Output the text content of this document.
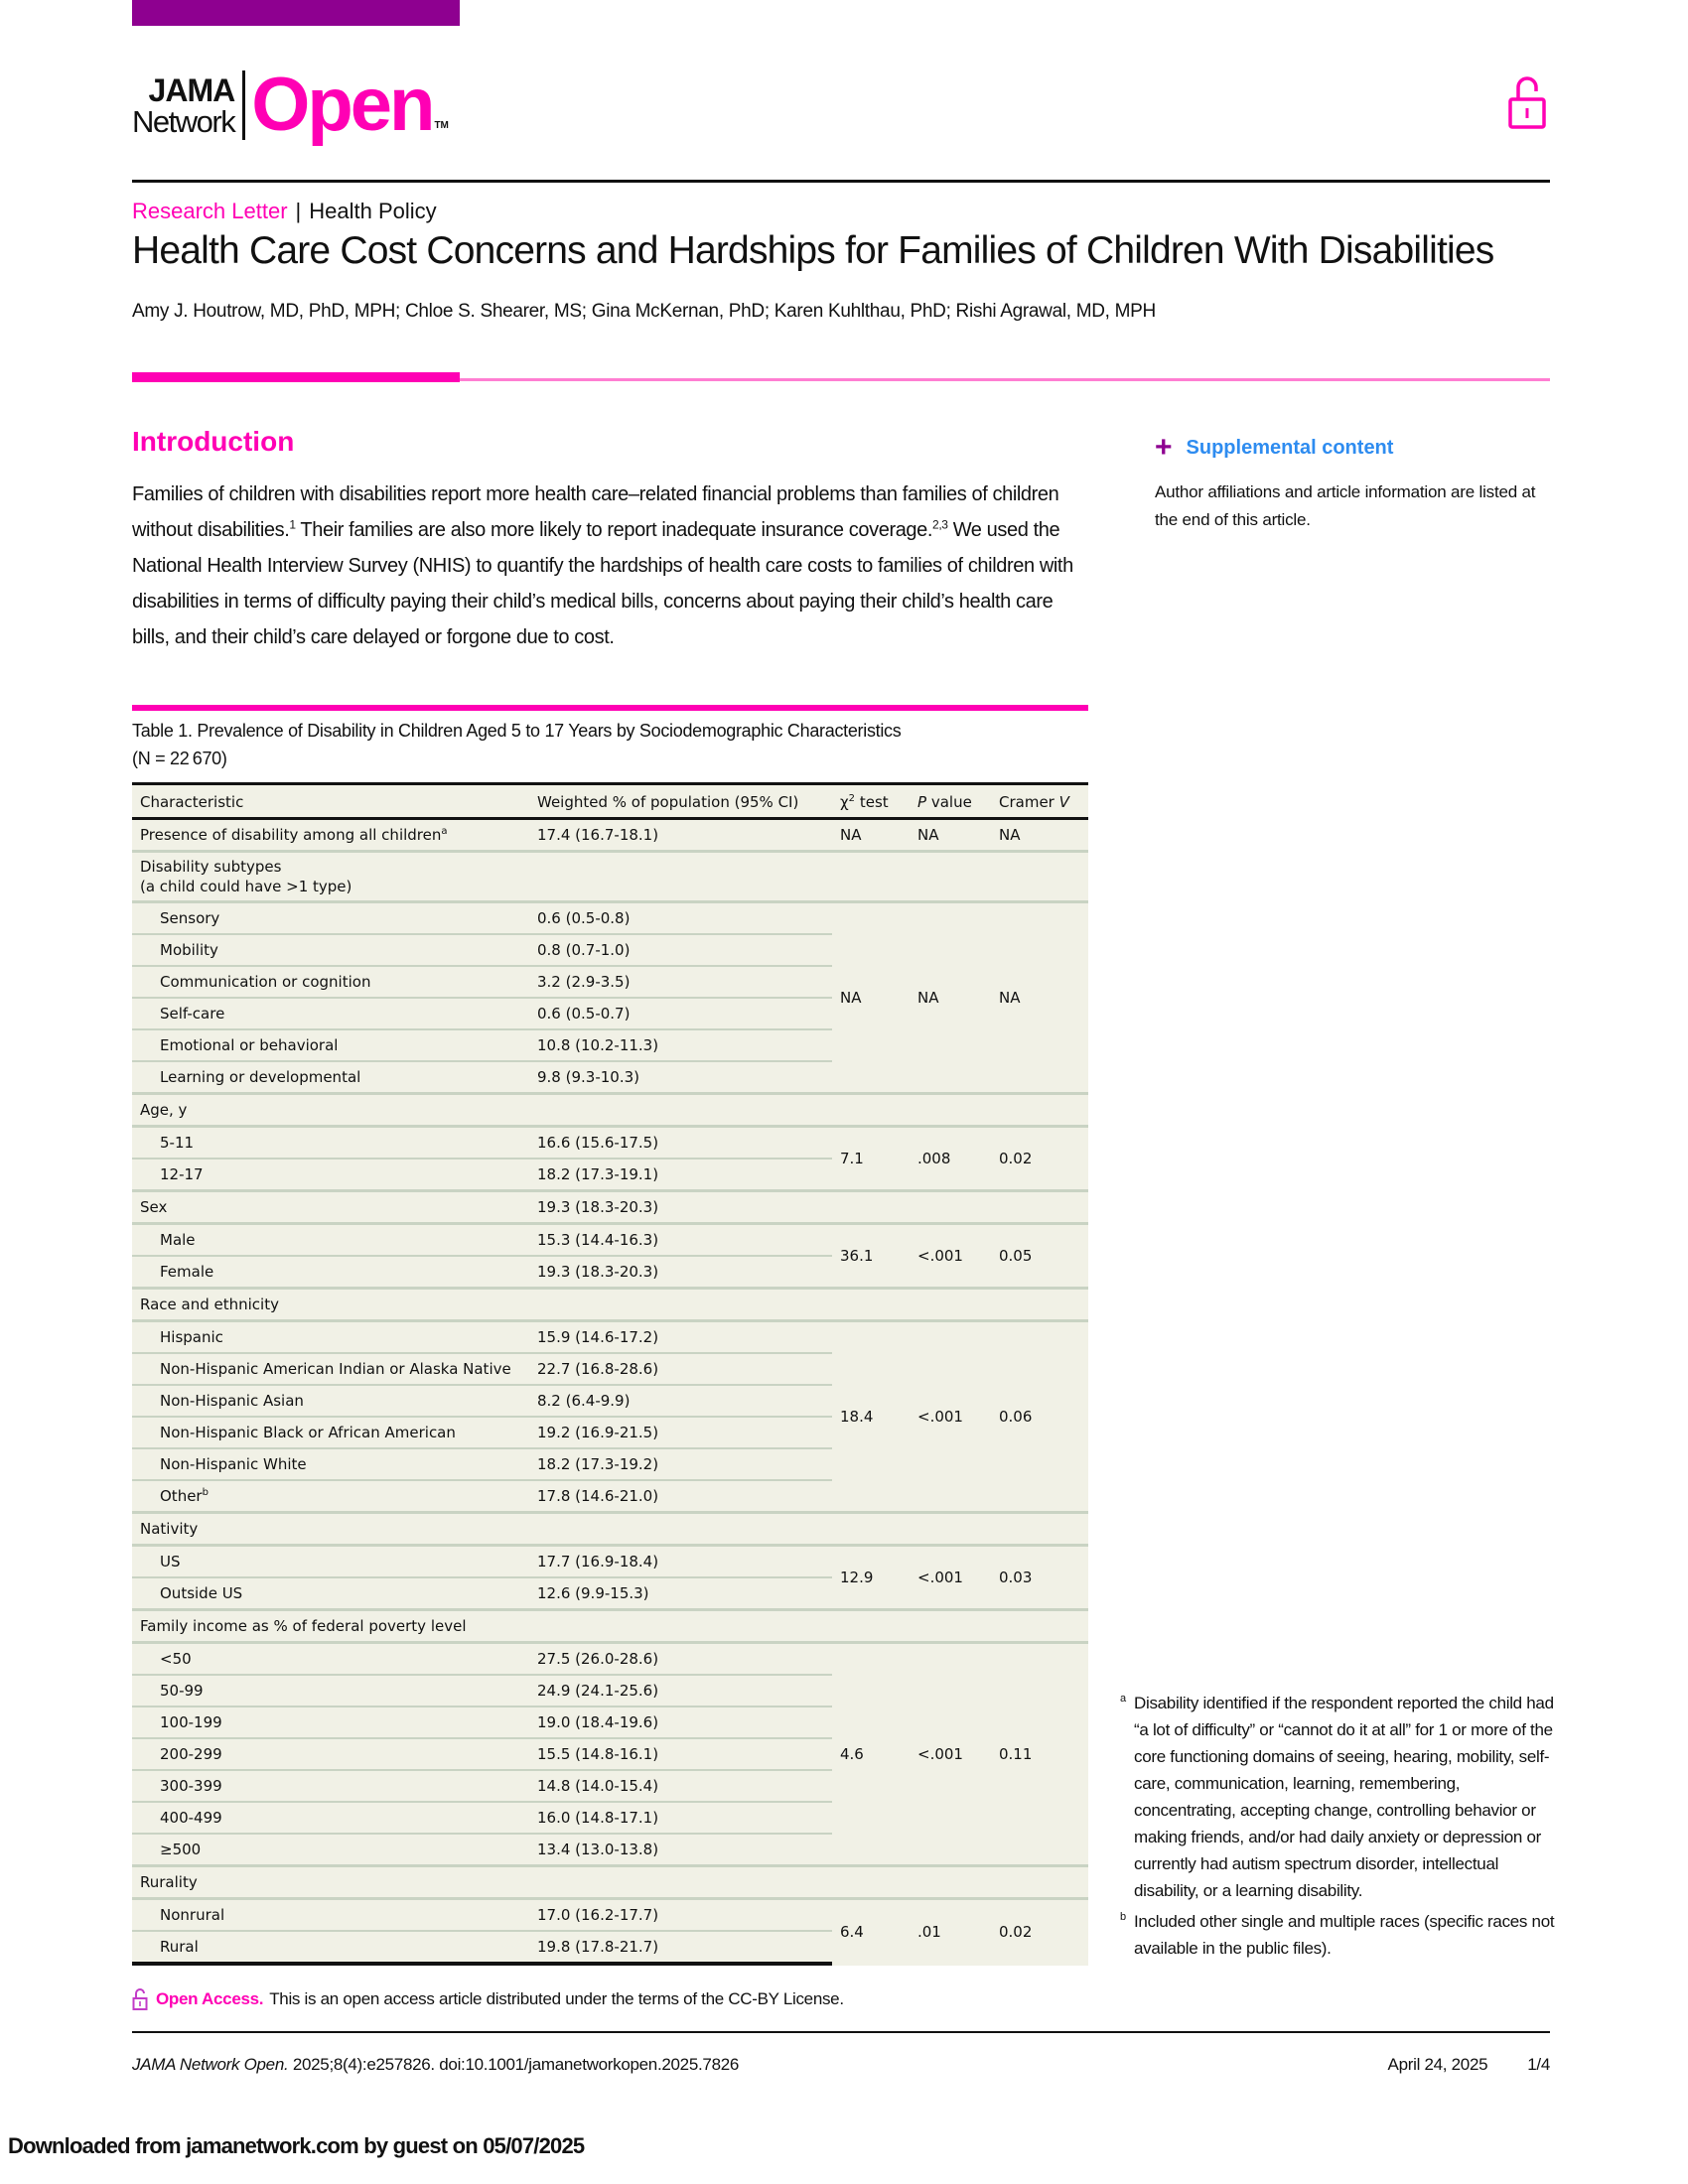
JAMA
Network Open TM
Research Letter | Health Policy
Health Care Cost Concerns and Hardships for Families of Children With Disabilities
Amy J. Houtrow, MD, PhD, MPH; Chloe S. Shearer, MS; Gina McKernan, PhD; Karen Kuhlthau, PhD; Rishi Agrawal, MD, MPH
Introduction	+ Supplemental content
Author affiliations and article information are listed at the end of this article.

Families of children with disabilities report more health care–related financial problems than families of children without disabilities.$^1$ Their families are also more likely to report inadequate insurance coverage.$^{2,3}$ We used the National Health Interview Survey (NHIS) to quantify the hardships of health care costs to families of children with disabilities in terms of difficulty paying their child’s medical bills, concerns about paying their child’s health care bills, and their child’s care delayed or forgone due to cost.

Table 1. Prevalence of Disability in Children Aged 5 to 17 Years by Sociodemographic Characteristics
(N = 22 670)
Characteristic	Weighted % of population (95% CI)	$\chi^2$ test	P value	Cramer V
Presence of disability among all children$^a$	17.4 (16.7-18.1)	NA	NA	NA

Disability subtypes
(a child could have >1 type)				

Sensory	0.6 (0.5-0.8)	NA	NA	NA
Mobility	0.8 (0.7-1.0)			
Communication or cognition	3.2 (2.9-3.5)			
Self-care	0.6 (0.5-0.7)			
Emotional or behavioral	10.8 (10.2-11.3)			
Learning or developmental	9.8 (9.3-10.3)			
Age, y				
5-11	16.6 (15.6-17.5)	7.1	.008	0.02
12-17	18.2 (17.3-19.1)			
Sex	19.3 (18.3-20.3)			
Male	15.3 (14.4-16.3)	36.1	<.001	0.05
Female	19.3 (18.3-20.3)			
Race and ethnicity				
Hispanic	15.9 (14.6-17.2)	18.4	<.001	0.06
Non-Hispanic American Indian or Alaska Native	22.7 (16.8-28.6)			
Non-Hispanic Asian	8.2 (6.4-9.9)			
Non-Hispanic Black or African American	19.2 (16.9-21.5)			
Non-Hispanic White	18.2 (17.3-19.2)			
Other$^b$	17.8 (14.6-21.0)			
Nativity				
US	17.7 (16.9-18.4)	12.9	<.001	0.03
Outside US	12.6 (9.9-15.3)			
Family income as % of federal poverty level				
<50	27.5 (26.0-28.6)	4.6	<.001	0.11
50-99	24.9 (24.1-25.6)			
100-199	19.0 (18.4-19.6)			
200-299	15.5 (14.8-16.1)			
300-399	14.8 (14.0-15.4)			
400-499	16.0 (14.8-17.1)			
≥500	13.4 (13.0-13.8)			
Rurality				
Nonrural	17.0 (16.2-17.7)	6.4	.01	0.02
Rural	19.8 (17.8-21.7)			
Open Access. This is an open access article distributed under the terms of the CC-BY License.
a Disability identified if the respondent reported the child had “a lot of difficulty” or “cannot do it at all” for 1 or more of the core functioning domains of seeing, hearing, mobility, self-care, communication, learning, remembering, concentrating, accepting change, controlling behavior or making friends, and/or had daily anxiety or depression or currently had autism spectrum disorder, intellectual disability, or a learning disability.
b Included other single and multiple races (specific races not available in the public files).
JAMA Network Open. 2025;8(4):e257826. doi:10.1001/jamanetworkopen.2025.7826	April 24, 2025 1/4
Downloaded from jamanetwork.com by guest on 05/07/2025
